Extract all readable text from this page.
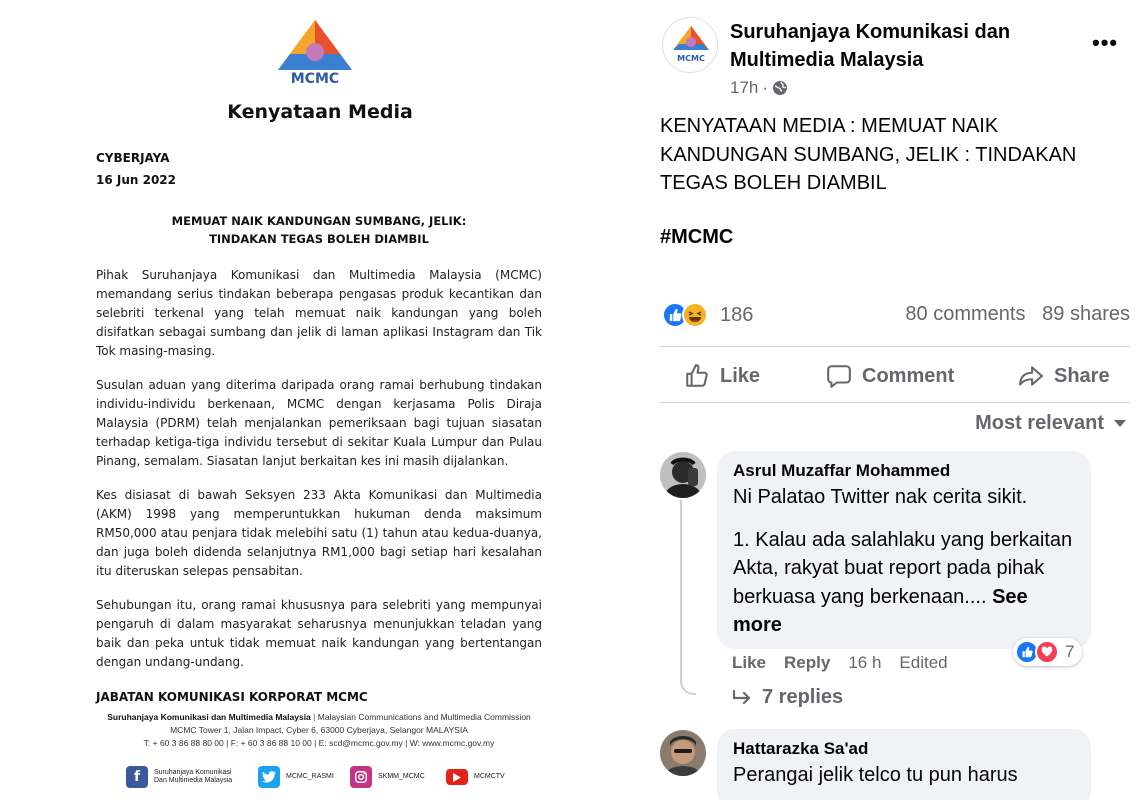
MCMC
Kenyataan Media
CYBERJAYA
16 Jun 2022
MEMUAT NAIK KANDUNGAN SUMBANG, JELIK:
TINDAKAN TEGAS BOLEH DIAMBIL
Pihak Suruhanjaya Komunikasi dan Multimedia Malaysia (MCMC) memandang serius tindakan beberapa pengasas produk kecantikan dan selebriti terkenal yang telah memuat naik kandungan yang boleh disifatkan sebagai sumbang dan jelik di laman aplikasi Instagram dan Tik Tok masing-masing.
Susulan aduan yang diterima daripada orang ramai berhubung tindakan individu-individu berkenaan, MCMC dengan kerjasama Polis Diraja Malaysia (PDRM) telah menjalankan pemeriksaan bagi tujuan siasatan terhadap ketiga-tiga individu tersebut di sekitar Kuala Lumpur dan Pulau Pinang, semalam. Siasatan lanjut berkaitan kes ini masih dijalankan.
Kes disiasat di bawah Seksyen 233 Akta Komunikasi dan Multimedia (AKM) 1998 yang memperuntukkan hukuman denda maksimum RM50,000 atau penjara tidak melebihi satu (1) tahun atau kedua-duanya, dan juga boleh didenda selanjutnya RM1,000 bagi setiap hari kesalahan itu diteruskan selepas pensabitan.
Sehubungan itu, orang ramai khususnya para selebriti yang mempunyai pengaruh di dalam masyarakat seharusnya menunjukkan teladan yang baik dan peka untuk tidak memuat naik kandungan yang bertentangan dengan undang-undang.
JABATAN KOMUNIKASI KORPORAT MCMC
Suruhanjaya Komunikasi dan Multimedia Malaysia | Malaysian Communications and Multimedia Commission
MCMC Tower 1, Jalan Impact, Cyber 6, 63000 Cyberjaya, Selangor MALAYSIA
T: + 60 3 86 88 80 00 | F: + 60 3 86 88 10 00 | E: scd@mcmc.gov.my | W: www.mcmc.gov.my
f	Suruhanjaya Komunikasi
Dan Multimedia Malaysia
MCMC_RASMI	SKMM_MCMC	MCMCTV
MCMC
Suruhanjaya Komunikasi dan Multimedia Malaysia
•••
17h ·
KENYATAAN MEDIA : MEMUAT NAIK KANDUNGAN SUMBANG, JELIK : TINDAKAN TEGAS BOLEH DIAMBIL
#MCMC
186	80 comments 89 shares
Like	Comment	Share
Most relevant
Asrul Muzaffar Mohammed

Ni Palatao Twitter nak cerita sikit.

1. Kalau ada salahlaku yang berkaitan Akta, rakyat buat report pada pihak berkuasa yang berkenaan.... See more

7
Like Reply 16 h Edited
7 replies
Hattarazka Sa'ad
Perangai jelik telco tu pun harus
